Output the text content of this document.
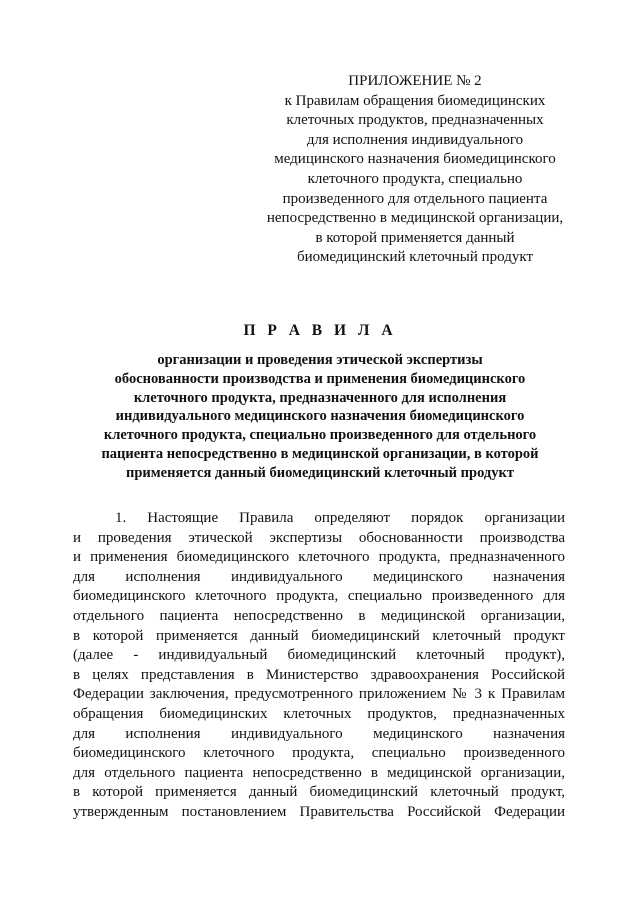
ПРИЛОЖЕНИЕ № 2
к Правилам обращения биомедицинских
клеточных продуктов, предназначенных
для исполнения индивидуального
медицинского назначения биомедицинского
клеточного продукта, специально
произведенного для отдельного пациента
непосредственно в медицинской организации,
в которой применяется данный
биомедицинский клеточный продукт
П Р А В И Л А
организации и проведения этической экспертизы
обоснованности производства и применения биомедицинского
клеточного продукта, предназначенного для исполнения
индивидуального медицинского назначения биомедицинского
клеточного продукта, специально произведенного для отдельного
пациента непосредственно в медицинской организации, в которой
применяется данный биомедицинский клеточный продукт
1. Настоящие Правила определяют порядок организации
и проведения этической экспертизы обоснованности производства
и применения биомедицинского клеточного продукта, предназначенного
для исполнения индивидуального медицинского назначения
биомедицинского клеточного продукта, специально произведенного для
отдельного пациента непосредственно в медицинской организации,
в которой применяется данный биомедицинский клеточный продукт
(далее - индивидуальный биомедицинский клеточный продукт),
в целях представления в Министерство здравоохранения Российской
Федерации заключения, предусмотренного приложением № 3 к Правилам
обращения биомедицинских клеточных продуктов, предназначенных
для исполнения индивидуального медицинского назначения
биомедицинского клеточного продукта, специально произведенного
для отдельного пациента непосредственно в медицинской организации,
в которой применяется данный биомедицинский клеточный продукт,
утвержденным постановлением Правительства Российской Федерации
